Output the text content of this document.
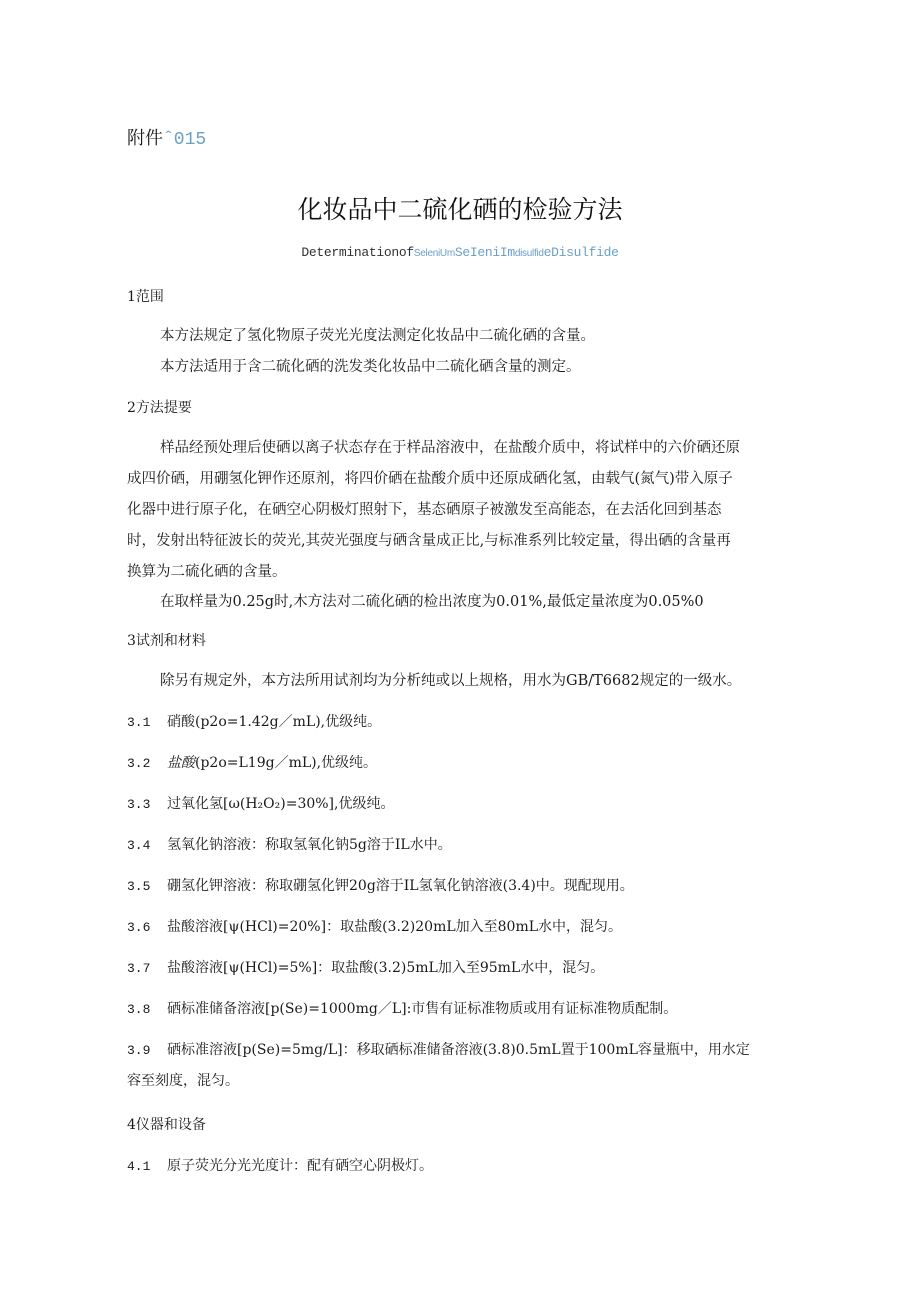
附件ˆ015
化妆品中二硫化硒的检验方法
DeterminationofSeleniUmSeIeniImdisulfideDisulfide
1范围
本方法规定了氢化物原子荧光光度法测定化妆品中二硫化硒的含量。
本方法适用于含二硫化硒的洗发类化妆品中二硫化硒含量的测定。
2方法提要
样品经预处理后使硒以离子状态存在于样品溶液中，在盐酸介质中，将试样中的六价硒还原
成四价硒，用硼氢化钾作还原剂，将四价硒在盐酸介质中还原成硒化氢，由载气(氮气)带入原子
化器中进行原子化，在硒空心阴极灯照射下，基态硒原子被激发至高能态，在去活化回到基态
时，发射出特征波长的荧光,其荧光强度与硒含量成正比,与标准系列比较定量，得出硒的含量再
换算为二硫化硒的含量。
在取样量为0.25g时,木方法对二硫化硒的检出浓度为0.01%,最低定量浓度为0.05%0
3试剂和材料
除另有规定外，本方法所用试剂均为分析纯或以上规格，用水为GB/T6682规定的一级水。
3.1 硝酸(p2o=1.42g／mL),优级纯。
3.2 盐酸(p2o=L19g／mL),优级纯。
3.3 过氧化氢[ω(H₂O₂)=30%],优级纯。
3.4 氢氧化钠溶液：称取氢氧化钠5g溶于IL水中。
3.5 硼氢化钾溶液：称取硼氢化钾20g溶于IL氢氧化钠溶液(3.4)中。现配现用。
3.6 盐酸溶液[ψ(HCl)=20%]：取盐酸(3.2)20mL加入至80mL水中，混匀。
3.7 盐酸溶液[ψ(HCl)=5%]：取盐酸(3.2)5mL加入至95mL水中，混匀。
3.8 硒标准储备溶液[p(Se)=1000mg／L]:市售有证标准物质或用有证标准物质配制。
3.9 硒标准溶液[p(Se)=5mg/L]：移取硒标准储备溶液(3.8)0.5mL置于100mL容量瓶中，用水定
容至刻度，混匀。
4仪器和设备
4.1 原子荧光分光光度计：配有硒空心阴极灯。
